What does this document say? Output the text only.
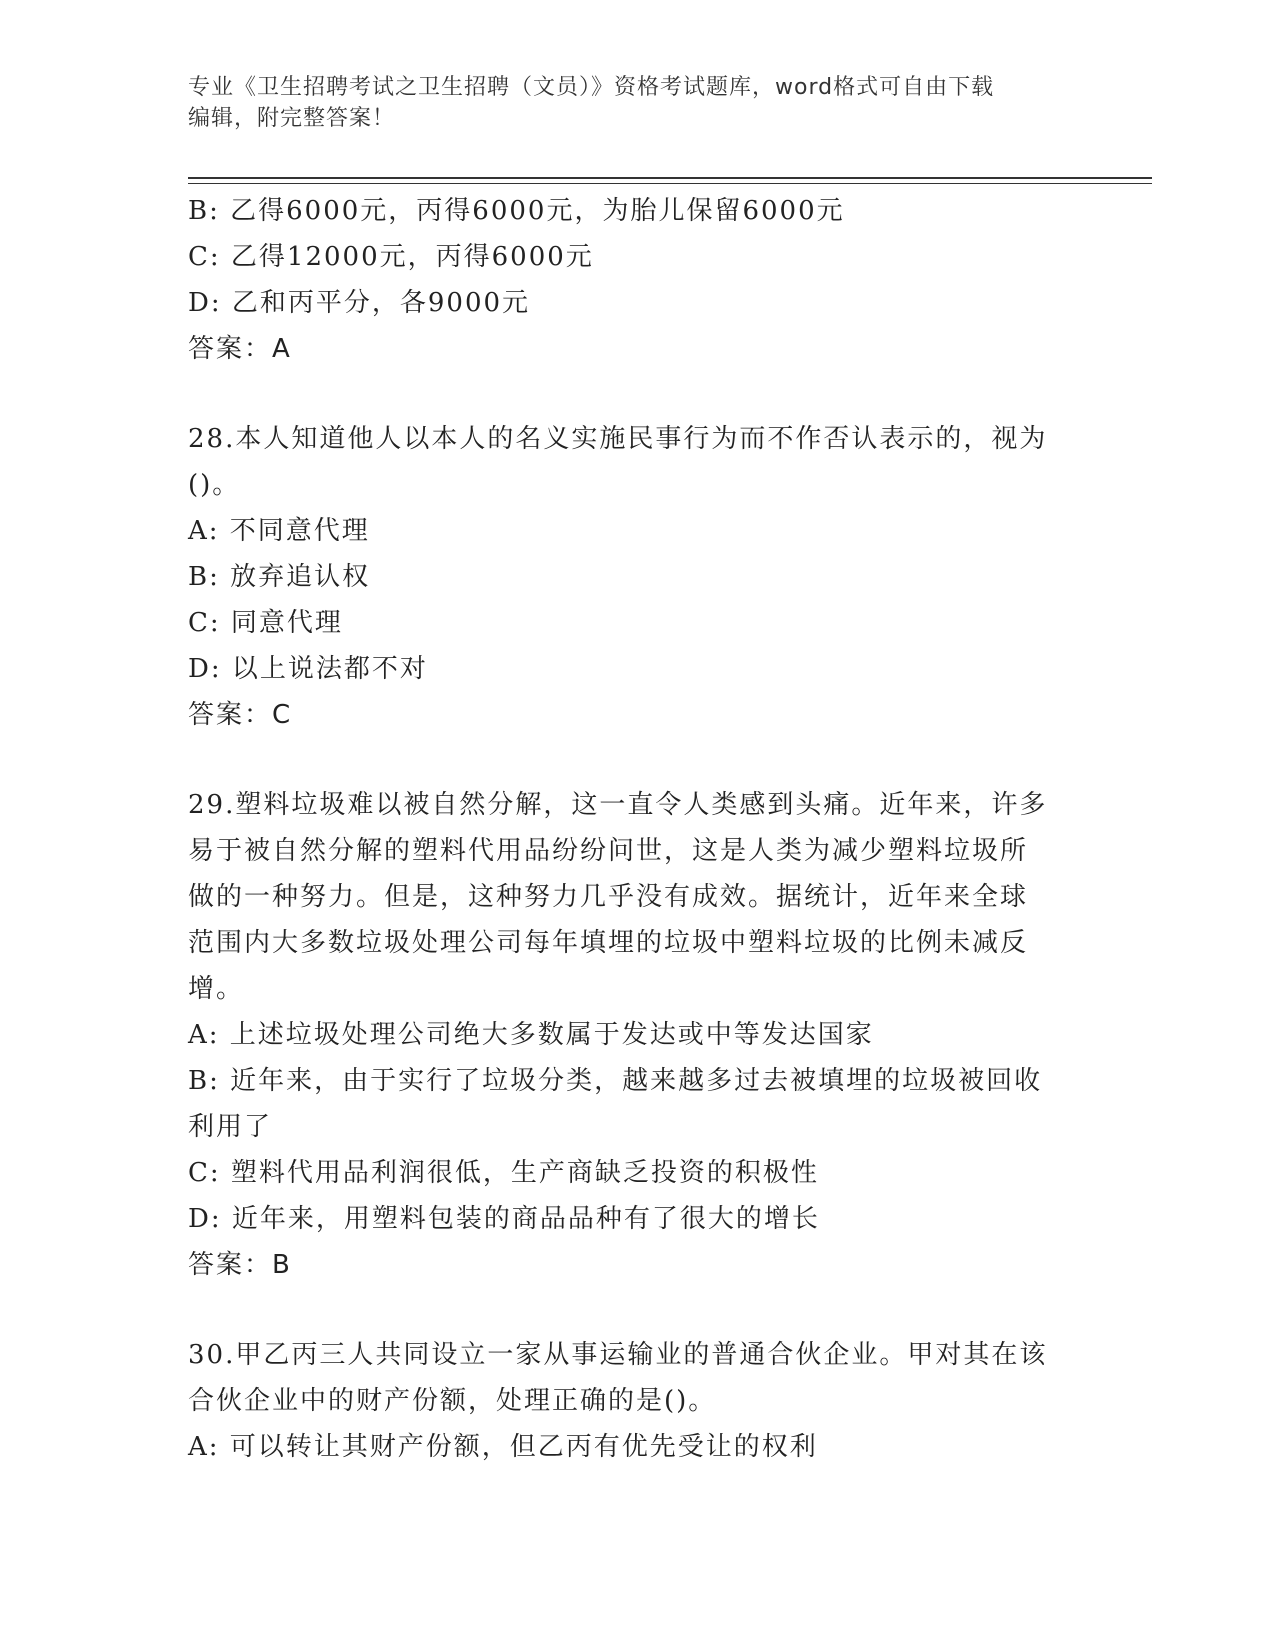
专业《卫生招聘考试之卫生招聘（文员）》资格考试题库，word格式可自由下载
编辑，附完整答案！

B: 乙得6000元，丙得6000元，为胎儿保留6000元

C: 乙得12000元，丙得6000元

D: 乙和丙平分，各9000元

答案：A

28.本人知道他人以本人的名义实施民事行为而不作否认表示的，视为

()。

A: 不同意代理

B: 放弃追认权

C: 同意代理

D: 以上说法都不对

答案：C

29.塑料垃圾难以被自然分解，这一直令人类感到头痛。近年来，许多

易于被自然分解的塑料代用品纷纷问世，这是人类为减少塑料垃圾所

做的一种努力。但是，这种努力几乎没有成效。据统计，近年来全球

范围内大多数垃圾处理公司每年填埋的垃圾中塑料垃圾的比例未减反

增。

A: 上述垃圾处理公司绝大多数属于发达或中等发达国家

B: 近年来，由于实行了垃圾分类，越来越多过去被填埋的垃圾被回收

利用了

C: 塑料代用品利润很低，生产商缺乏投资的积极性

D: 近年来，用塑料包装的商品品种有了很大的增长

答案：B

30.甲乙丙三人共同设立一家从事运输业的普通合伙企业。甲对其在该

合伙企业中的财产份额，处理正确的是()。

A: 可以转让其财产份额，但乙丙有优先受让的权利
